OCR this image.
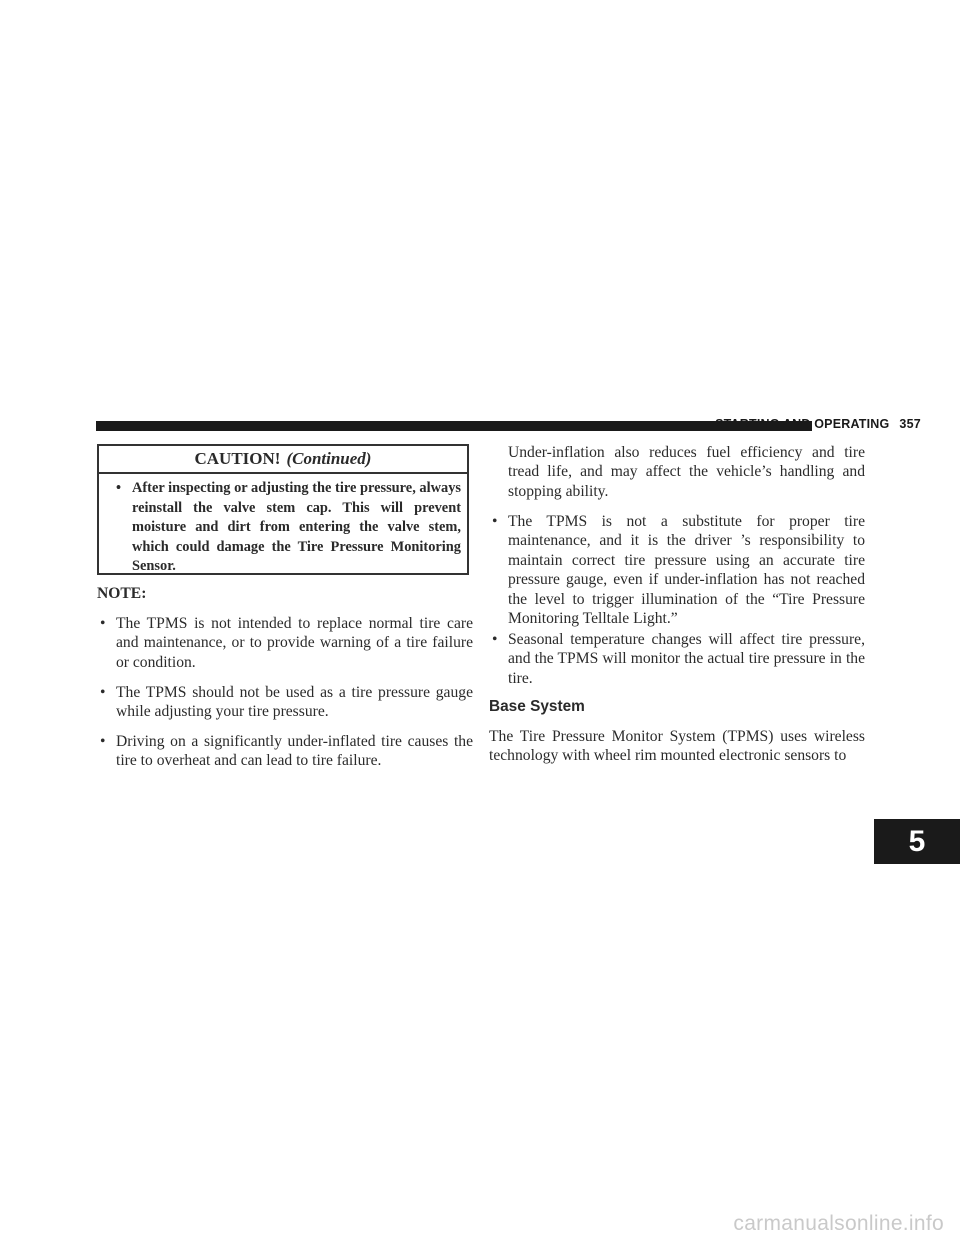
STARTING AND OPERATING 357
CAUTION! (Continued)
• After inspecting or adjusting the tire pressure, always reinstall the valve stem cap. This will prevent moisture and dirt from entering the valve stem, which could damage the Tire Pressure Monitoring Sensor.
NOTE:
• The TPMS is not intended to replace normal tire care and maintenance, or to provide warning of a tire failure or condition.
• The TPMS should not be used as a tire pressure gauge while adjusting your tire pressure.
• Driving on a significantly under-inflated tire causes the tire to overheat and can lead to tire failure.
Under-inflation also reduces fuel efficiency and tire tread life, and may affect the vehicle’s handling and stopping ability.
• The TPMS is not a substitute for proper tire maintenance, and it is the driver ’s responsibility to maintain correct tire pressure using an accurate tire pressure gauge, even if under-inflation has not reached the level to trigger illumination of the “Tire Pressure Monitoring Telltale Light.”
• Seasonal temperature changes will affect tire pressure, and the TPMS will monitor the actual tire pressure in the tire.
Base System
The Tire Pressure Monitor System (TPMS) uses wireless technology with wheel rim mounted electronic sensors to
5
carmanualsonline.info
